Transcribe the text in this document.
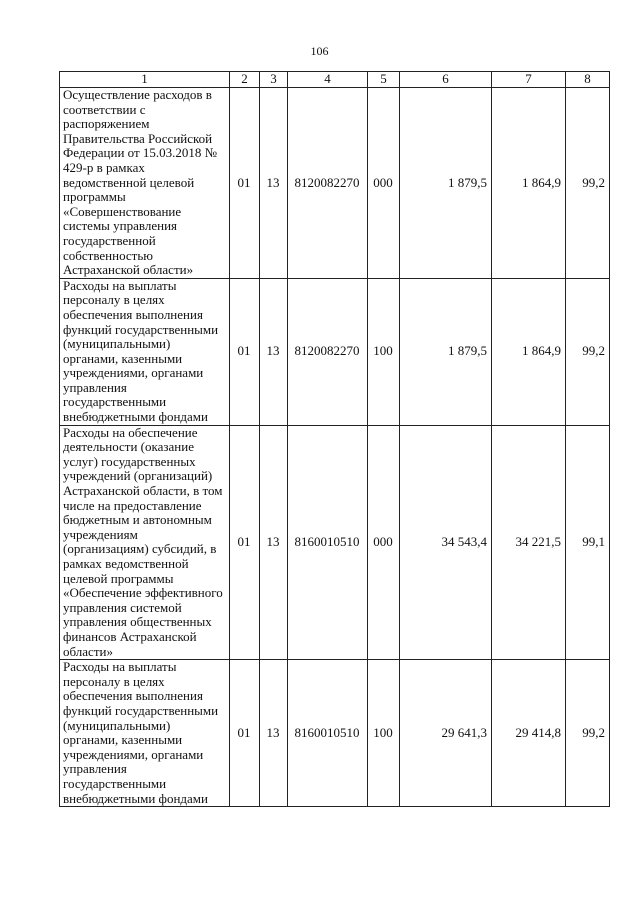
106
1	2	3	4	5	6	7	8
Осуществление расходов в соответствии с распоряжением Правительства Российской Федерации от 15.03.2018 № 429-р в рамках ведомственной целевой программы «Совершенствование системы управления государственной собственностью Астраханской области»	01	13	8120082270	000	1 879,5	1 864,9	99,2
Расходы на выплаты персоналу в целях обеспечения выполнения функций государственными (муниципальными) органами, казенными учреждениями, органами управления государственными внебюджетными фондами	01	13	8120082270	100	1 879,5	1 864,9	99,2
Расходы на обеспечение деятельности (оказание услуг) государственных учреждений (организаций) Астраханской области, в том числе на предоставление бюджетным и автономным учреждениям (организациям) субсидий, в рамках ведомственной целевой программы «Обеспечение эффективного управления системой управления общественных финансов Астраханской области»	01	13	8160010510	000	34 543,4	34 221,5	99,1
Расходы на выплаты персоналу в целях обеспечения выполнения функций государственными (муниципальными) органами, казенными учреждениями, органами управления государственными внебюджетными фондами	01	13	8160010510	100	29 641,3	29 414,8	99,2
